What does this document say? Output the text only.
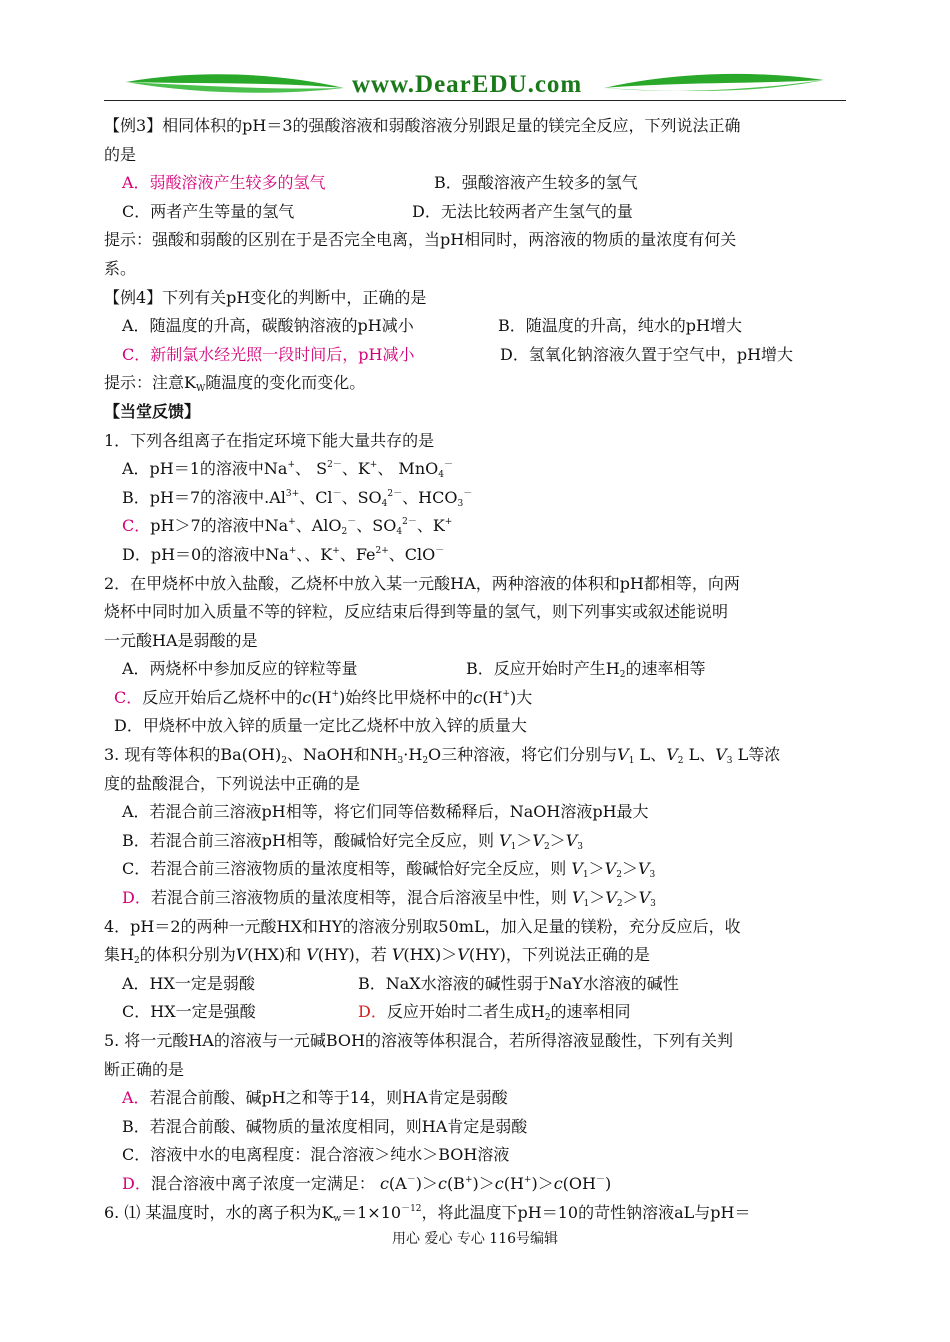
www.DearEDU.com
【例3】相同体积的pH＝3的强酸溶液和弱酸溶液分别跟足量的镁完全反应，下列说法正确
的是
A．弱酸溶液产生较多的氢气	B．强酸溶液产生较多的氢气
C．两者产生等量的氢气	D．无法比较两者产生氢气的量
提示：强酸和弱酸的区别在于是否完全电离，当pH相同时，两溶液的物质的量浓度有何关
系。
【例4】下列有关pH变化的判断中，正确的是
A．随温度的升高，碳酸钠溶液的pH减小	B．随温度的升高，纯水的pH增大
C．新制氯水经光照一段时间后，pH减小	D．氢氧化钠溶液久置于空气中，pH增大
提示：注意$K_W$随温度的变化而变化。
【当堂反馈】
1．下列各组离子在指定环境下能大量共存的是
A．pH＝1的溶液中Na+、 $S^{2-}$、K+、 MnO$_4$－
B．pH＝7的溶液中$.Al^{3+}$、Cl－、$SO_4^{2-}$、$HCO_3^-$
C．pH＞7的溶液中Na+、AlO$_2$－、$SO_4^{2-}$、K+
D．pH＝0的溶液中Na+、、K+、$Fe^{2+}$、ClO－
2．在甲烧杯中放入盐酸，乙烧杯中放入某一元酸HA，两种溶液的体积和pH都相等，向两
烧杯中同时加入质量不等的锌粒，反应结束后得到等量的氢气，则下列事实或叙述能说明
一元酸HA是弱酸的是
A．两烧杯中参加反应的锌粒等量	B．反应开始时产生$H_2$的速率相等
C．反应开始后乙烧杯中的c(H+)始终比甲烧杯中的c(H+)大
D．甲烧杯中放入锌的质量一定比乙烧杯中放入锌的质量大
3. 现有等体积的$Ba(OH)_2$、NaOH和$NH_3\cdot H_2O$三种溶液，将它们分别与$V_1$ L、$V_2$ L、$V_3$ L等浓
度的盐酸混合，下列说法中正确的是
A．若混合前三溶液pH相等，将它们同等倍数稀释后，NaOH溶液pH最大
B．若混合前三溶液pH相等，酸碱恰好完全反应，则 $V_1>V_2>V_3$
C．若混合前三溶液物质的量浓度相等，酸碱恰好完全反应，则 $V_1>V_2>V_3$
D．若混合前三溶液物质的量浓度相等，混合后溶液呈中性，则 $V_1>V_2>V_3$
4．pH＝2的两种一元酸HX和HY的溶液分别取50mL，加入足量的镁粉，充分反应后，收
集$H_2$的体积分别为V(HX)和 V(HY)，若 V(HX)＞V(HY)，下列说法正确的是
A．HX一定是弱酸	B．NaX水溶液的碱性弱于NaY水溶液的碱性
C．HX一定是强酸	D．反应开始时二者生成$H_2$的速率相同
5. 将一元酸HA的溶液与一元碱BOH的溶液等体积混合，若所得溶液显酸性，下列有关判
断正确的是
A．若混合前酸、碱pH之和等于14，则HA肯定是弱酸
B．若混合前酸、碱物质的量浓度相同，则HA肯定是弱酸
C．溶液中水的电离程度：混合溶液＞纯水＞BOH溶液
D．混合溶液中离子浓度一定满足： c(A－)＞c(B+)＞c(H+)＞c(OH－)
6. ⑴ 某温度时，水的离子积为$K_w=1\times 10^{-12}$，将此温度下pH＝10的苛性钠溶液aL与pH＝
用心 爱心 专心 116号编辑
